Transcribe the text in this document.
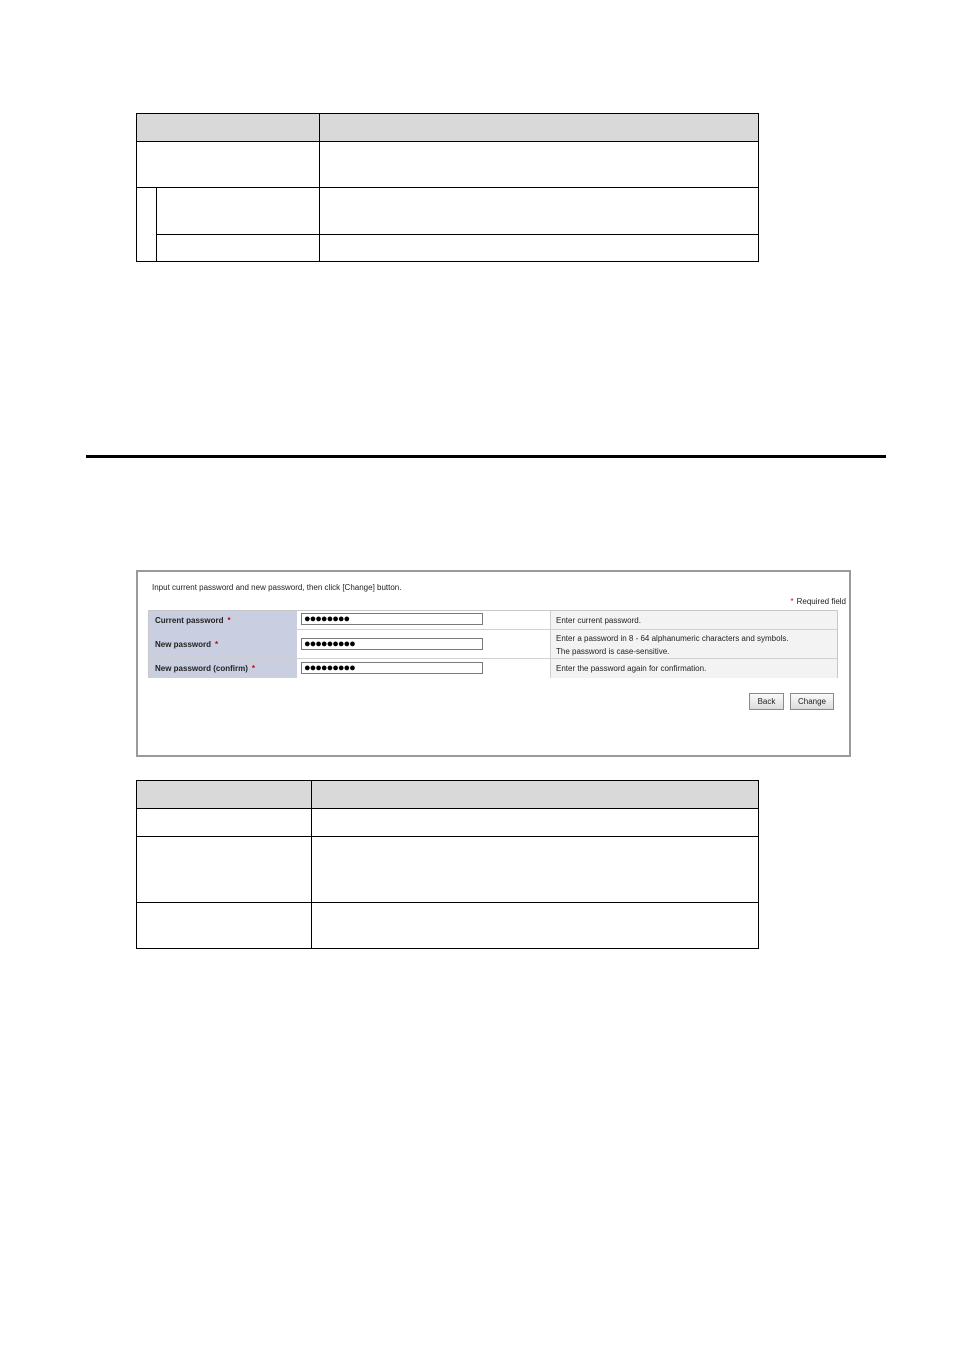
Input current password and new password, then click [Change] button.
* Required field
Current password *	●●●●●●●●	Enter current password.
New password *	●●●●●●●●●	Enter a password in 8 - 64 alphanumeric characters and symbols.
The password is case-sensitive.
New password (confirm) *	●●●●●●●●●	Enter the password again for confirmation.
Back	Change
